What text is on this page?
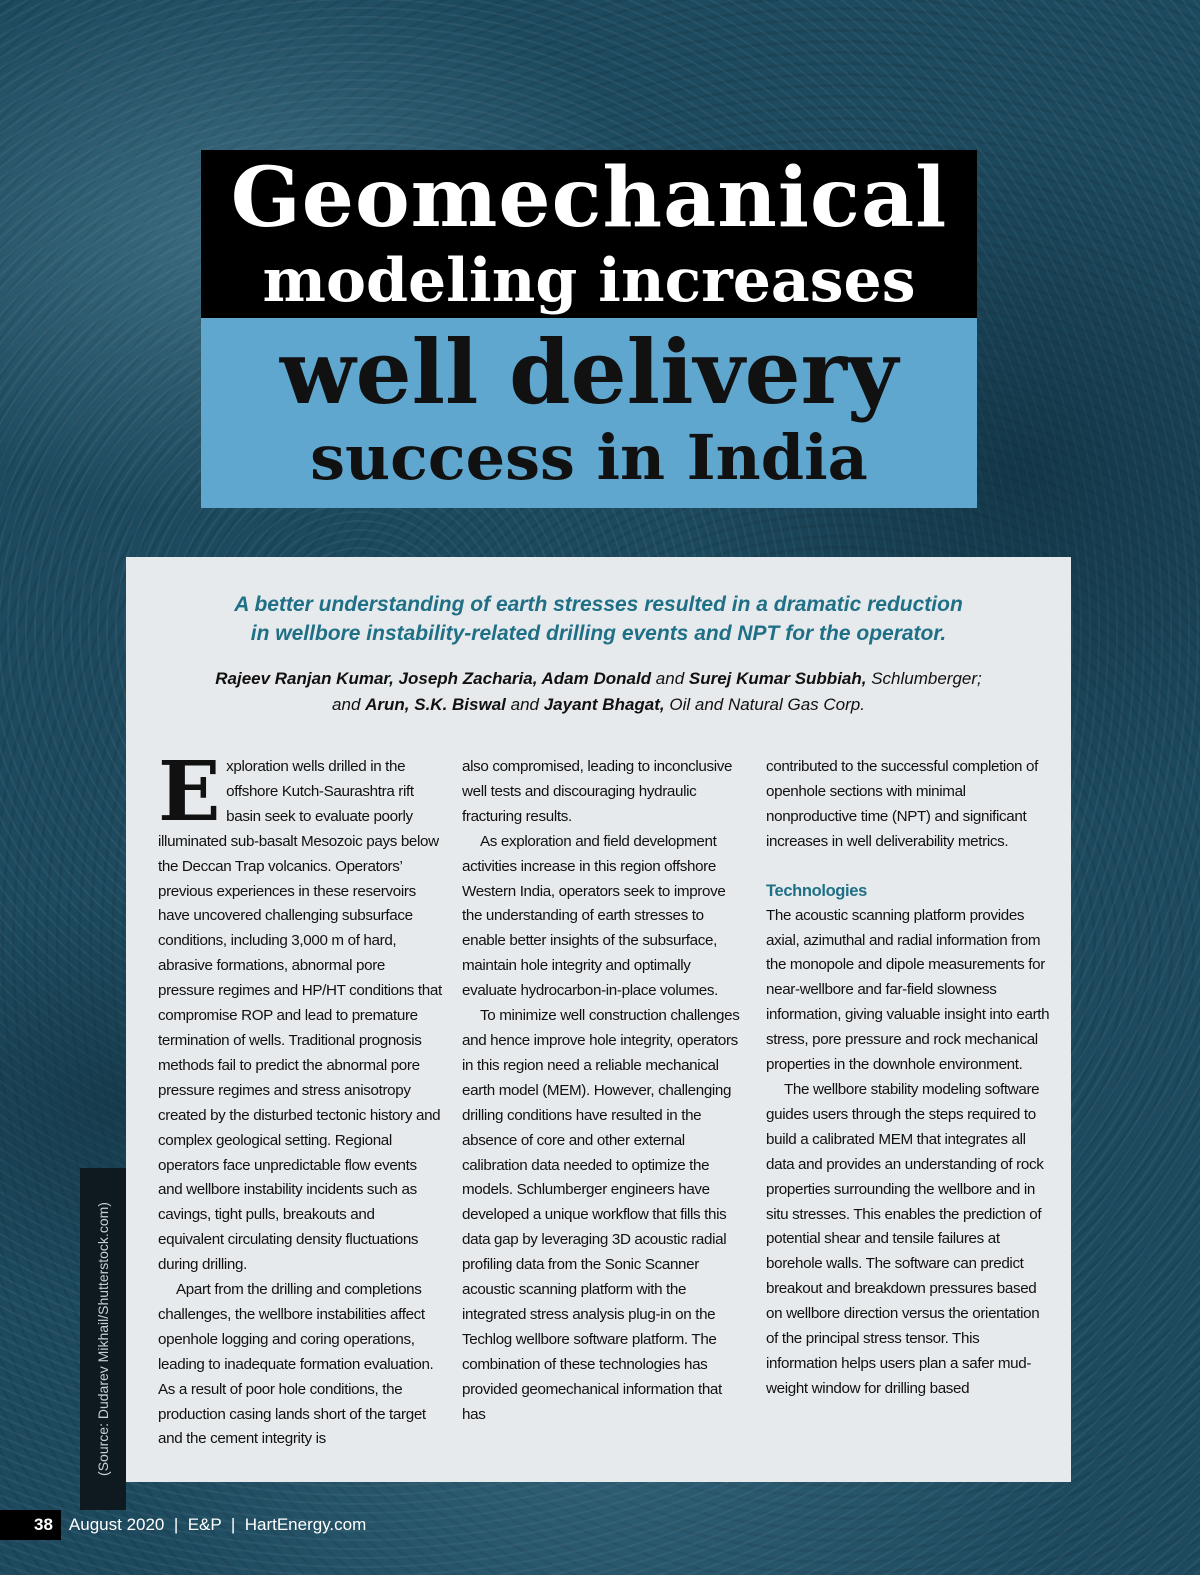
Geomechanical
modeling increases
well delivery
success in India
A better understanding of earth stresses resulted in a dramatic reduction
in wellbore instability-related drilling events and NPT for the operator.
Rajeev Ranjan Kumar, Joseph Zacharia, Adam Donald and Surej Kumar Subbiah, Schlumberger;
and Arun, S.K. Biswal and Jayant Bhagat, Oil and Natural Gas Corp.

Exploration wells drilled in the offshore Kutch-Saurashtra rift basin seek to evaluate poorly illuminated sub-basalt Mesozoic pays below the Deccan Trap volcanics. Operators’ previous experiences in these reservoirs have uncovered challenging subsurface conditions, including 3,000 m of hard, abrasive formations, abnormal pore pressure regimes and HP/HT conditions that compromise ROP and lead to premature termination of wells. Traditional prognosis methods fail to predict the abnormal pore pressure regimes and stress anisotropy created by the disturbed tectonic history and complex geological setting. Regional operators face unpredictable flow events and wellbore instability incidents such as cavings, tight pulls, breakouts and equivalent circulating density fluctuations during drilling.

Apart from the drilling and completions challenges, the wellbore instabilities affect openhole logging and coring operations, leading to inadequate formation evaluation. As a result of poor hole conditions, the production casing lands short of the target and the cement integrity is

also compromised, leading to inconclusive well tests and discouraging hydraulic fracturing results.

As exploration and field development activities increase in this region offshore Western India, operators seek to improve the understanding of earth stresses to enable better insights of the subsurface, maintain hole integrity and optimally evaluate hydrocarbon-in-place volumes.

To minimize well construction challenges and hence improve hole integrity, operators in this region need a reliable mechanical earth model (MEM). However, challenging drilling conditions have resulted in the absence of core and other external calibration data needed to optimize the models. Schlumberger engineers have developed a unique workflow that fills this data gap by leveraging 3D acoustic radial profiling data from the Sonic Scanner acoustic scanning platform with the integrated stress analysis plug-in on the Techlog wellbore software platform. The combination of these technologies has provided geomechanical information that has

contributed to the successful completion of openhole sections with minimal nonproductive time (NPT) and significant increases in well deliverability metrics.

Technologies

The acoustic scanning platform provides axial, azimuthal and radial information from the monopole and dipole measurements for near-wellbore and far-field slowness information, giving valuable insight into earth stress, pore pressure and rock mechanical properties in the downhole environment.

The wellbore stability modeling software guides users through the steps required to build a calibrated MEM that integrates all data and provides an understanding of rock properties surrounding the wellbore and in situ stresses. This enables the prediction of potential shear and tensile failures at borehole walls. The software can predict breakout and breakdown pressures based on wellbore direction versus the orientation of the principal stress tensor. This information helps users plan a safer mud-weight window for drilling based

(Source: Dudarev Mikhail/Shutterstock.com)
38 August 2020  |  E&P  |  HartEnergy.com
